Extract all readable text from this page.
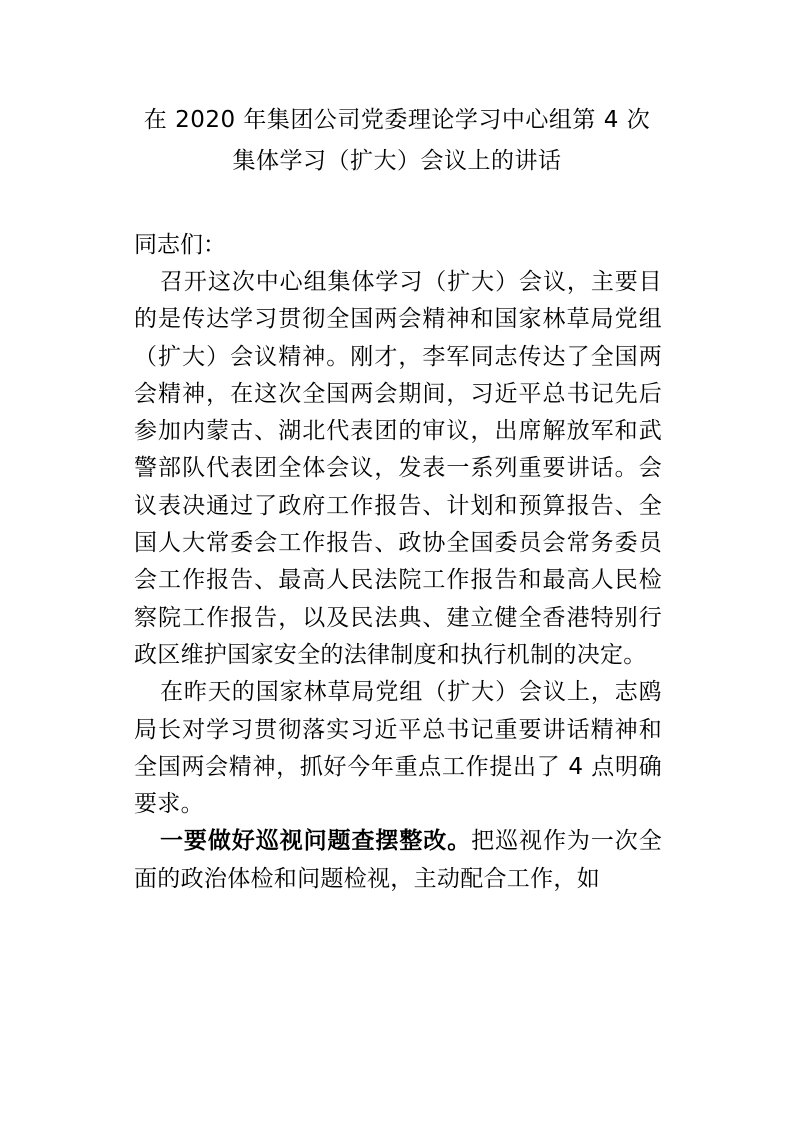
在 2020 年集团公司党委理论学习中心组第 4 次
集体学习（扩大）会议上的讲话
同志们：

召开这次中心组集体学习（扩大）会议，主要目的是传达学习贯彻全国两会精神和国家林草局党组（扩大）会议精神。刚才，李军同志传达了全国两会精神，在这次全国两会期间，习近平总书记先后参加内蒙古、湖北代表团的审议，出席解放军和武警部队代表团全体会议，发表一系列重要讲话。会议表决通过了政府工作报告、计划和预算报告、全国人大常委会工作报告、政协全国委员会常务委员会工作报告、最高人民法院工作报告和最高人民检察院工作报告，以及民法典、建立健全香港特别行政区维护国家安全的法律制度和执行机制的决定。

在昨天的国家林草局党组（扩大）会议上，志鸥局长对学习贯彻落实习近平总书记重要讲话精神和全国两会精神，抓好今年重点工作提出了 4 点明确要求。

一要做好巡视问题查摆整改。把巡视作为一次全面的政治体检和问题检视，主动配合工作，如
